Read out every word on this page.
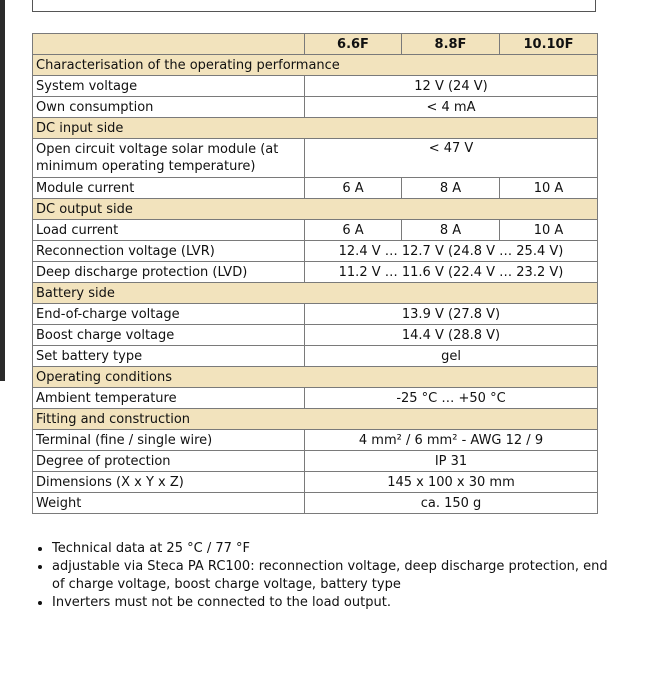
	6.6F	8.8F	10.10F
Characterisation of the operating performance			
System voltage	12 V (24 V)		
Own consumption	< 4 mA		
DC input side			
Open circuit voltage solar module (at minimum operating temperature)	< 47 V		
Module current	6 A	8 A	10 A
DC output side			
Load current	6 A	8 A	10 A
Reconnection voltage (LVR)	12.4 V … 12.7 V (24.8 V … 25.4 V)		
Deep discharge protection (LVD)	11.2 V … 11.6 V (22.4 V … 23.2 V)		
Battery side			
End-of-charge voltage	13.9 V (27.8 V)		
Boost charge voltage	14.4 V (28.8 V)		
Set battery type	gel		
Operating conditions			
Ambient temperature	-25 °C … +50 °C		
Fitting and construction			
Terminal (fine / single wire)	4 mm² / 6 mm² - AWG 12 / 9		
Degree of protection	IP 31		
Dimensions (X x Y x Z)	145 x 100 x 30 mm		
Weight	ca. 150 g		
• Technical data at 25 °C / 77 °F
• adjustable via Steca PA RC100: reconnection voltage, deep discharge protection, end of charge voltage, boost charge voltage, battery type
• Inverters must not be connected to the load output.
